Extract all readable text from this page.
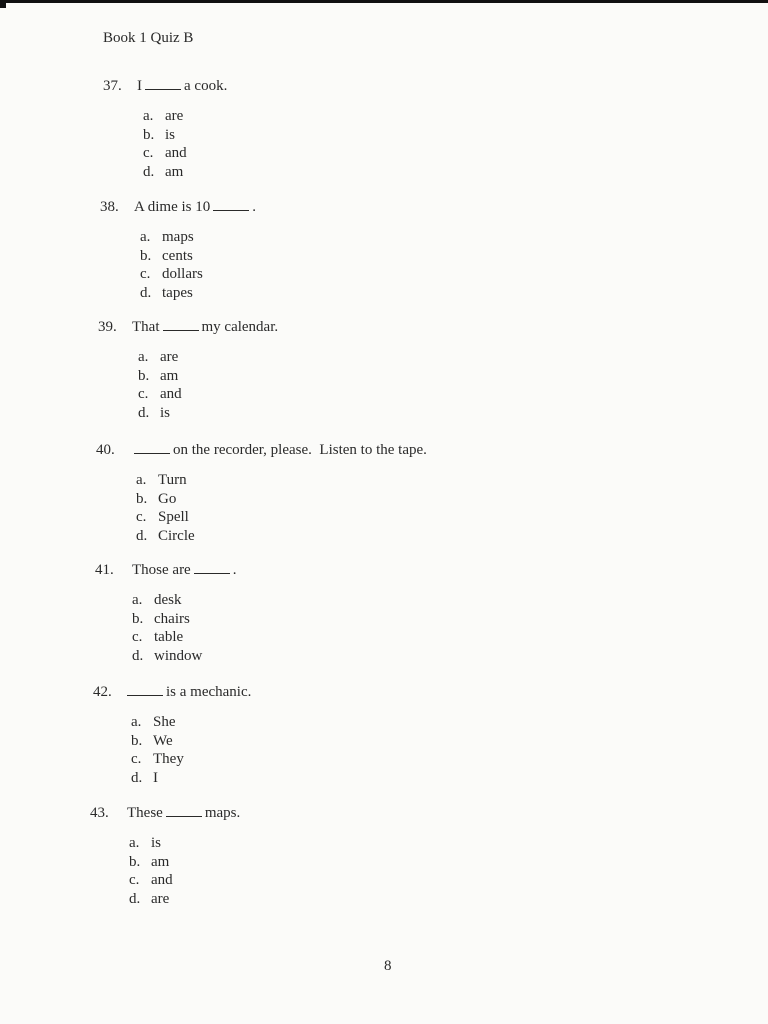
Book 1 Quiz B
37.	I	a cook.
a. are
b. is
c. and
d. am
38.	A dime is 10	.
a. maps
b. cents
c. dollars
d. tapes
39.	That	my calendar.
a. are
b. am
c. and
d. is
40.	on the recorder, please.  Listen to the tape.
a. Turn
b. Go
c. Spell
d. Circle
41.	Those are	.
a. desk
b. chairs
c. table
d. window
42.	is a mechanic.
a. She
b. We
c. They
d. I
43.	These	maps.
a. is
b. am
c. and
d. are
8
